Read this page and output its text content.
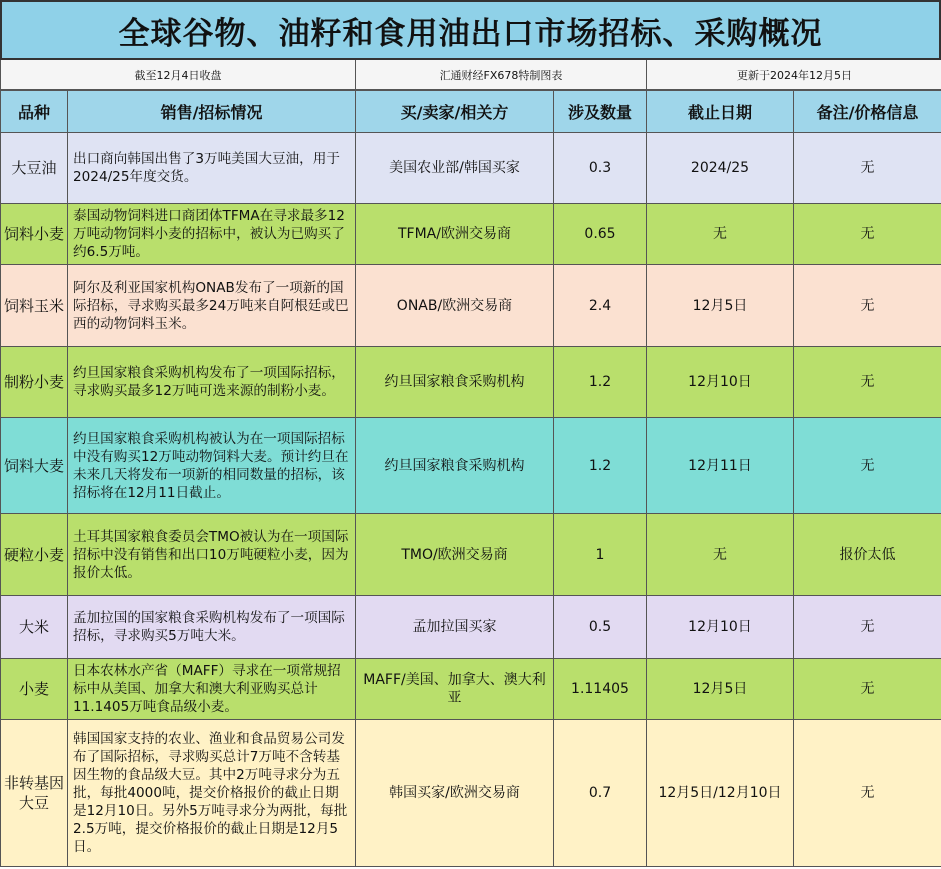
全球谷物、油籽和食用油出口市场招标、采购概况
截至12月4日收盘	汇通财经FX678特制图表	更新于2024年12月5日
品种	销售/招标情况	买/卖家/相关方	涉及数量	截止日期	备注/价格信息
大豆油	出口商向韩国出售了3万吨美国大豆油，用于2024/25年度交货。	美国农业部/韩国买家	0.3	2024/25	无
饲料小麦	泰国动物饲料进口商团体TFMA在寻求最多12万吨动物饲料小麦的招标中，被认为已购买了约6.5万吨。	TFMA/欧洲交易商	0.65	无	无
饲料玉米	阿尔及利亚国家机构ONAB发布了一项新的国际招标，寻求购买最多24万吨来自阿根廷或巴西的动物饲料玉米。	ONAB/欧洲交易商	2.4	12月5日	无
制粉小麦	约旦国家粮食采购机构发布了一项国际招标，寻求购买最多12万吨可选来源的制粉小麦。	约旦国家粮食采购机构	1.2	12月10日	无
饲料大麦	约旦国家粮食采购机构被认为在一项国际招标中没有购买12万吨动物饲料大麦。预计约旦在未来几天将发布一项新的相同数量的招标，该招标将在12月11日截止。	约旦国家粮食采购机构	1.2	12月11日	无
硬粒小麦	土耳其国家粮食委员会TMO被认为在一项国际招标中没有销售和出口10万吨硬粒小麦，因为报价太低。	TMO/欧洲交易商	1	无	报价太低
大米	孟加拉国的国家粮食采购机构发布了一项国际招标，寻求购买5万吨大米。	孟加拉国买家	0.5	12月10日	无
小麦	日本农林水产省（MAFF）寻求在一项常规招标中从美国、加拿大和澳大利亚购买总计11.1405万吨食品级小麦。	MAFF/美国、加拿大、澳大利亚	1.11405	12月5日	无
非转基因大豆	韩国国家支持的农业、渔业和食品贸易公司发布了国际招标，寻求购买总计7万吨不含转基因生物的食品级大豆。其中2万吨寻求分为五批，每批4000吨，提交价格报价的截止日期是12月10日。另外5万吨寻求分为两批，每批2.5万吨，提交价格报价的截止日期是12月5日。	韩国买家/欧洲交易商	0.7	12月5日/12月10日	无
